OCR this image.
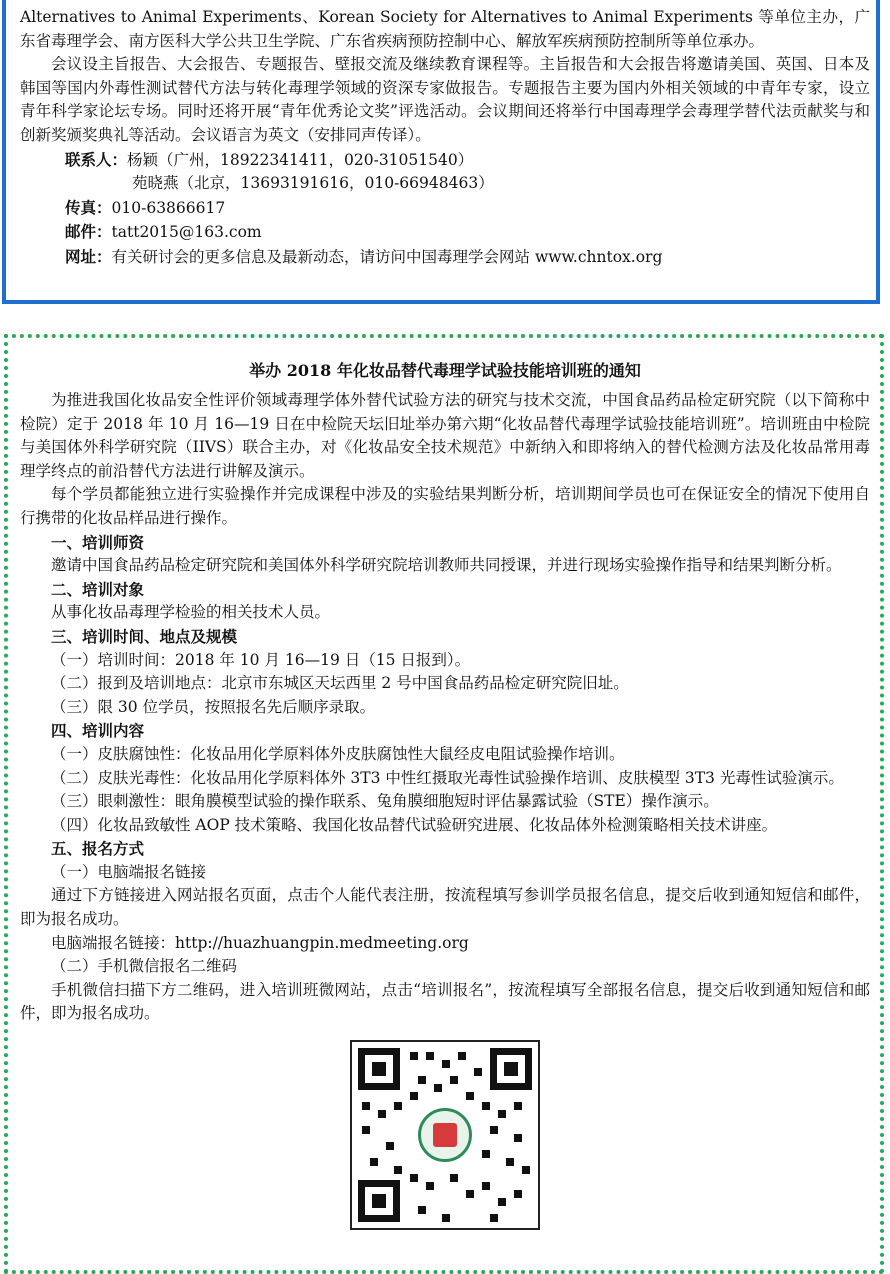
Alternatives to Animal Experiments、Korean Society for Alternatives to Animal Experiments 等单位主办，广东省毒理学会、南方医科大学公共卫生学院、广东省疾病预防控制中心、解放军疾病预防控制所等单位承办。

会议设主旨报告、大会报告、专题报告、壁报交流及继续教育课程等。主旨报告和大会报告将邀请美国、英国、日本及韩国等国内外毒性测试替代方法与转化毒理学领域的资深专家做报告。专题报告主要为国内外相关领域的中青年专家，设立青年科学家论坛专场。同时还将开展“青年优秀论文奖”评选活动。会议期间还将举行中国毒理学会毒理学替代法贡献奖与和创新奖颁奖典礼等活动。会议语言为英文（安排同声传译）。

联系人：杨颖（广州，18922341411，020-31051540）

苑晓燕（北京，13693191616，010-66948463）

传真：010-63866617

邮件：tatt2015@163.com

网址：有关研讨会的更多信息及最新动态，请访问中国毒理学会网站 www.chntox.org

举办 2018 年化妆品替代毒理学试验技能培训班的通知

为推进我国化妆品安全性评价领域毒理学体外替代试验方法的研究与技术交流，中国食品药品检定研究院（以下简称中检院）定于 2018 年 10 月 16—19 日在中检院天坛旧址举办第六期“化妆品替代毒理学试验技能培训班”。培训班由中检院与美国体外科学研究院（IIVS）联合主办，对《化妆品安全技术规范》中新纳入和即将纳入的替代检测方法及化妆品常用毒理学终点的前沿替代方法进行讲解及演示。

每个学员都能独立进行实验操作并完成课程中涉及的实验结果判断分析，培训期间学员也可在保证安全的情况下使用自行携带的化妆品样品进行操作。

一、培训师资

邀请中国食品药品检定研究院和美国体外科学研究院培训教师共同授课，并进行现场实验操作指导和结果判断分析。

二、培训对象

从事化妆品毒理学检验的相关技术人员。

三、培训时间、地点及规模

（一）培训时间：2018 年 10 月 16—19 日（15 日报到）。

（二）报到及培训地点：北京市东城区天坛西里 2 号中国食品药品检定研究院旧址。

（三）限 30 位学员，按照报名先后顺序录取。

四、培训内容

（一）皮肤腐蚀性：化妆品用化学原料体外皮肤腐蚀性大鼠经皮电阻试验操作培训。

（二）皮肤光毒性：化妆品用化学原料体外 3T3 中性红摄取光毒性试验操作培训、皮肤模型 3T3 光毒性试验演示。

（三）眼刺激性：眼角膜模型试验的操作联系、兔角膜细胞短时评估暴露试验（STE）操作演示。

（四）化妆品致敏性 AOP 技术策略、我国化妆品替代试验研究进展、化妆品体外检测策略相关技术讲座。

五、报名方式

（一）电脑端报名链接

通过下方链接进入网站报名页面，点击个人能代表注册，按流程填写参训学员报名信息，提交后收到通知短信和邮件，即为报名成功。

电脑端报名链接：http://huazhuangpin.medmeeting.org

（二）手机微信报名二维码

手机微信扫描下方二维码，进入培训班微网站，点击“培训报名”，按流程填写全部报名信息，提交后收到通知短信和邮件，即为报名成功。
